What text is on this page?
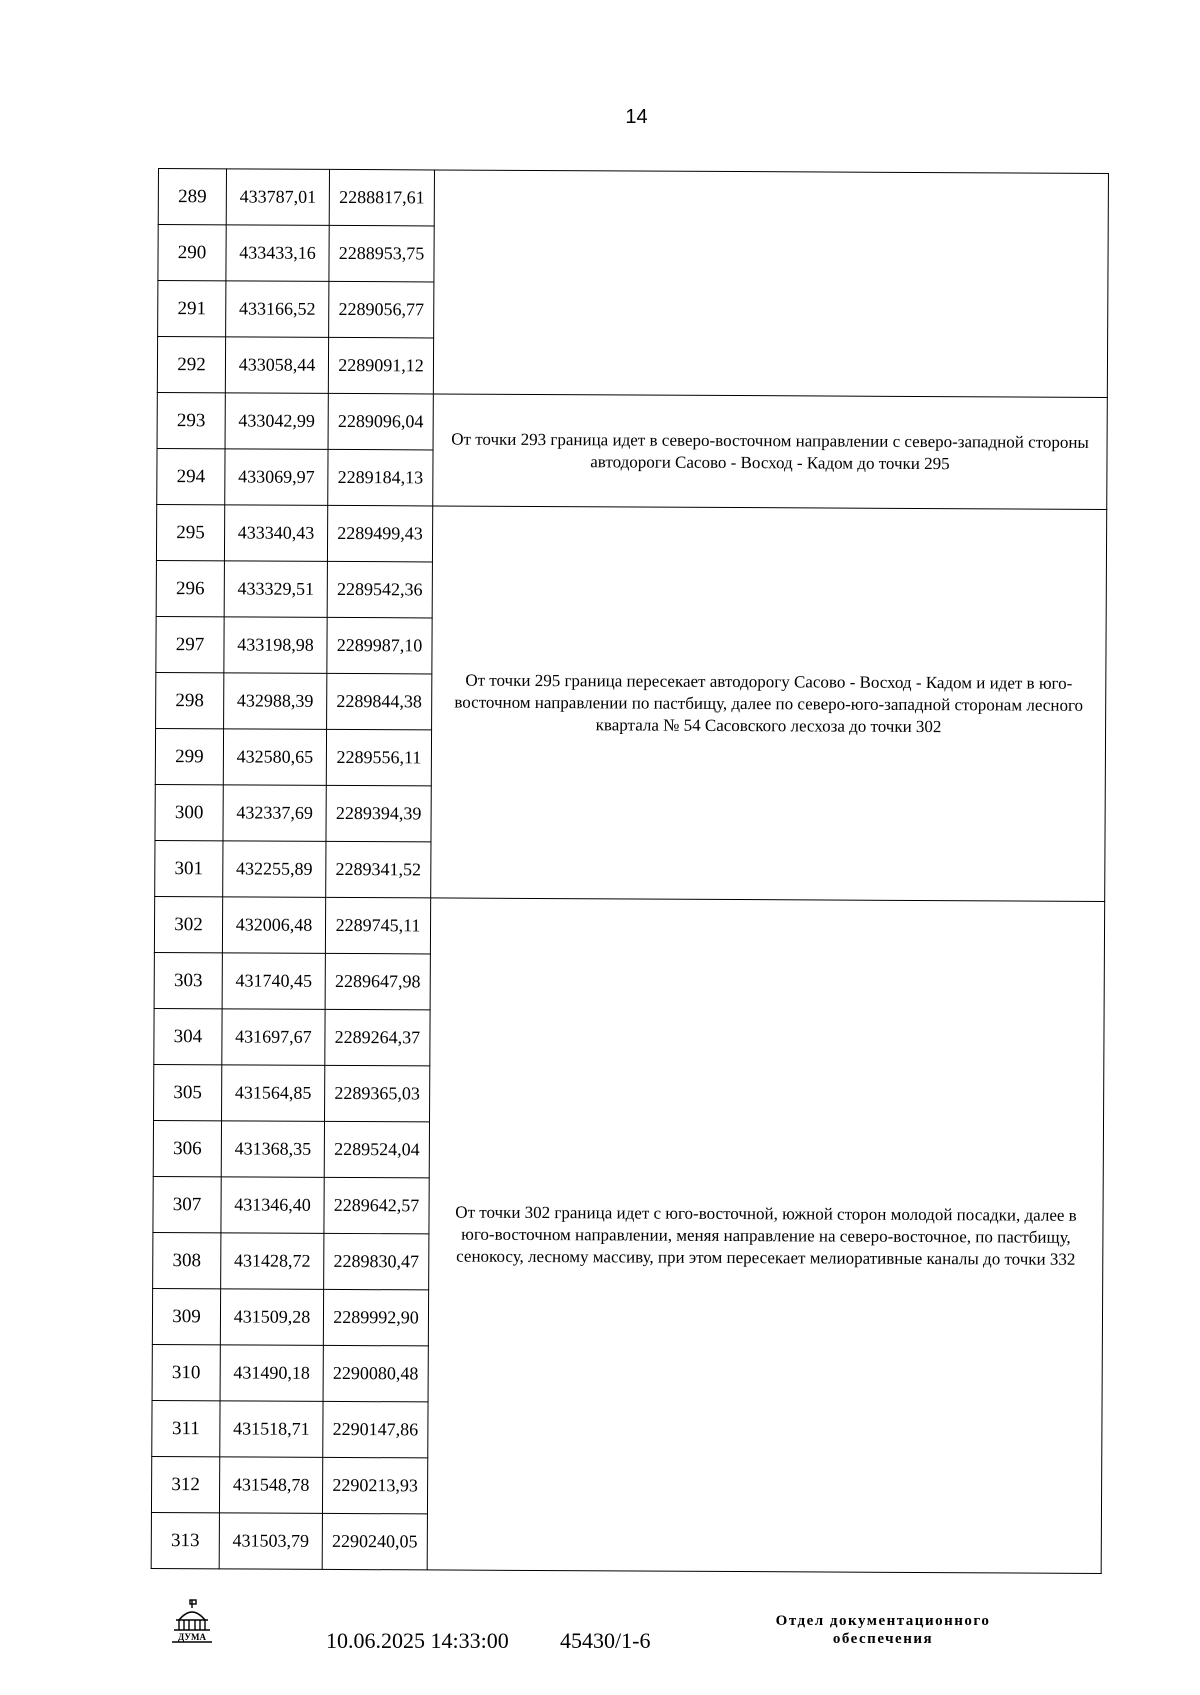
14
289	433787,01	2288817,61	
290	433433,16	2288953,75	
291	433166,52	2289056,77	
292	433058,44	2289091,12	
293	433042,99	2289096,04	От точки 293 граница идет в северо-восточном направлении с северо-западной стороны автодороги Сасово - Восход - Кадом до точки 295
294	433069,97	2289184,13	
295	433340,43	2289499,43	От точки 295 граница пересекает автодорогу Сасово - Восход - Кадом и идет в юго-восточном направлении по пастбищу, далее по северо-юго-западной сторонам лесного квартала № 54 Сасовского лесхоза до точки 302
296	433329,51	2289542,36	
297	433198,98	2289987,10	
298	432988,39	2289844,38	
299	432580,65	2289556,11	
300	432337,69	2289394,39	
301	432255,89	2289341,52	
302	432006,48	2289745,11	От точки 302 граница идет с юго-восточной, южной сторон молодой посадки, далее в юго-восточном направлении, меняя направление на северо-восточное, по пастбищу, сенокосу, лесному массиву, при этом пересекает мелиоративные каналы до точки 332
303	431740,45	2289647,98	
304	431697,67	2289264,37	
305	431564,85	2289365,03	
306	431368,35	2289524,04	
307	431346,40	2289642,57	
308	431428,72	2289830,47	
309	431509,28	2289992,90	
310	431490,18	2290080,48	
311	431518,71	2290147,86	
312	431548,78	2290213,93	
313	431503,79	2290240,05	
ДУМА	10.06.2025 14:33:00 45430/1-6
Отдел документационного
обеспечения
